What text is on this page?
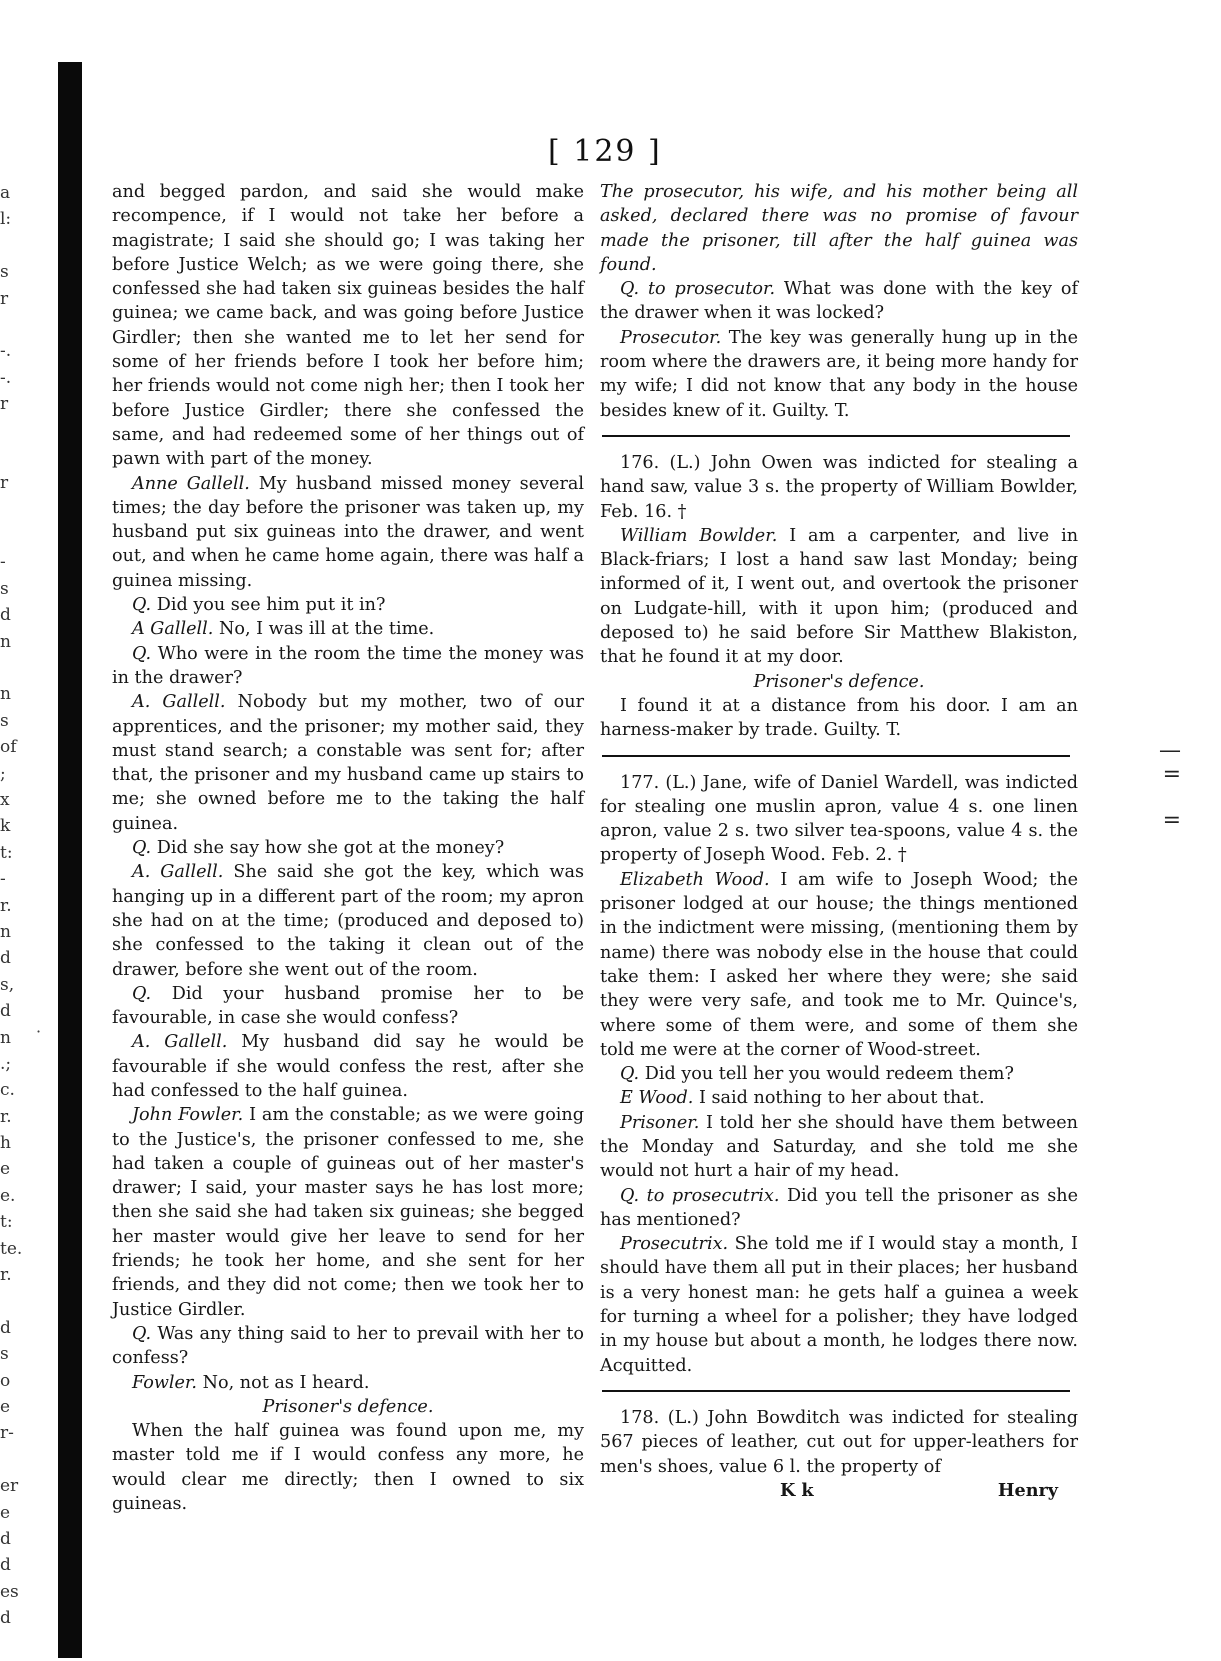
a
l:
s
r
-.
-.
r
r
-
s
d
n
n
s
of
;
x
k
t:
-
r.
n
d
s,
d
n
.;
c.
r.
h
e
e.
t:
te.
r.
d
s
o
e
r-
er
e
d
d
es
d
·
[ 129 ]

and begged pardon, and said she would make recompence, if I would not take her before a magistrate; I said she should go; I was taking her before Justice Welch; as we were going there, she confessed she had taken six guineas besides the half guinea; we came back, and was going before Justice Girdler; then she wanted me to let her send for some of her friends before I took her before him; her friends would not come nigh her; then I took her before Justice Girdler; there she confessed the same, and had redeemed some of her things out of pawn with part of the money.

Anne Gallell. My husband missed money several times; the day before the prisoner was taken up, my husband put six guineas into the drawer, and went out, and when he came home again, there was half a guinea missing.

Q. Did you see him put it in?

A Gallell. No, I was ill at the time.

Q. Who were in the room the time the money was in the drawer?

A. Gallell. Nobody but my mother, two of our apprentices, and the prisoner; my mother said, they must stand search; a constable was sent for; after that, the prisoner and my husband came up stairs to me; she owned before me to the taking the half guinea.

Q. Did she say how she got at the money?

A. Gallell. She said she got the key, which was hanging up in a different part of the room; my apron she had on at the time; (produced and deposed to) she confessed to the taking it clean out of the drawer, before she went out of the room.

Q. Did your husband promise her to be favourable, in case she would confess?

A. Gallell. My husband did say he would be favourable if she would confess the rest, after she had confessed to the half guinea.

John Fowler. I am the constable; as we were going to the Justice's, the prisoner confessed to me, she had taken a couple of guineas out of her master's drawer; I said, your master says he has lost more; then she said she had taken six guineas; she begged her master would give her leave to send for her friends; he took her home, and she sent for her friends, and they did not come; then we took her to Justice Girdler.

Q. Was any thing said to her to prevail with her to confess?

Fowler. No, not as I heard.

Prisoner's defence.

When the half guinea was found upon me, my master told me if I would confess any more, he would clear me directly; then I owned to six guineas.

The prosecutor, his wife, and his mother being all asked, declared there was no promise of favour made the prisoner, till after the half guinea was found.

Q. to prosecutor. What was done with the key of the drawer when it was locked?

Prosecutor. The key was generally hung up in the room where the drawers are, it being more handy for my wife; I did not know that any body in the house besides knew of it. Guilty. T.

176. (L.) John Owen was indicted for stealing a hand saw, value 3 s. the property of William Bowlder, Feb. 16. †

William Bowlder. I am a carpenter, and live in Black-friars; I lost a hand saw last Monday; being informed of it, I went out, and overtook the prisoner on Ludgate-hill, with it upon him; (produced and deposed to) he said before Sir Matthew Blakiston, that he found it at my door.

Prisoner's defence.

I found it at a distance from his door. I am an harness-maker by trade. Guilty. T.

177. (L.) Jane, wife of Daniel Wardell, was indicted for stealing one muslin apron, value 4 s. one linen apron, value 2 s. two silver tea-spoons, value 4 s. the property of Joseph Wood. Feb. 2. †

Elizabeth Wood. I am wife to Joseph Wood; the prisoner lodged at our house; the things mentioned in the indictment were missing, (mentioning them by name) there was nobody else in the house that could take them: I asked her where they were; she said they were very safe, and took me to Mr. Quince's, where some of them were, and some of them she told me were at the corner of Wood-street.

Q. Did you tell her you would redeem them?

E Wood. I said nothing to her about that.

Prisoner. I told her she should have them between the Monday and Saturday, and she told me she would not hurt a hair of my head.

Q. to prosecutrix. Did you tell the prisoner as she has mentioned?

Prosecutrix. She told me if I would stay a month, I should have them all put in their places; her husband is a very honest man: he gets half a guinea a week for turning a wheel for a polisher; they have lodged in my house but about a month, he lodges there now. Acquitted.

178. (L.) John Bowditch was indicted for stealing 567 pieces of leather, cut out for upper-leathers for men's shoes, value 6 l. the property of

K k	Henry
—
=
=
